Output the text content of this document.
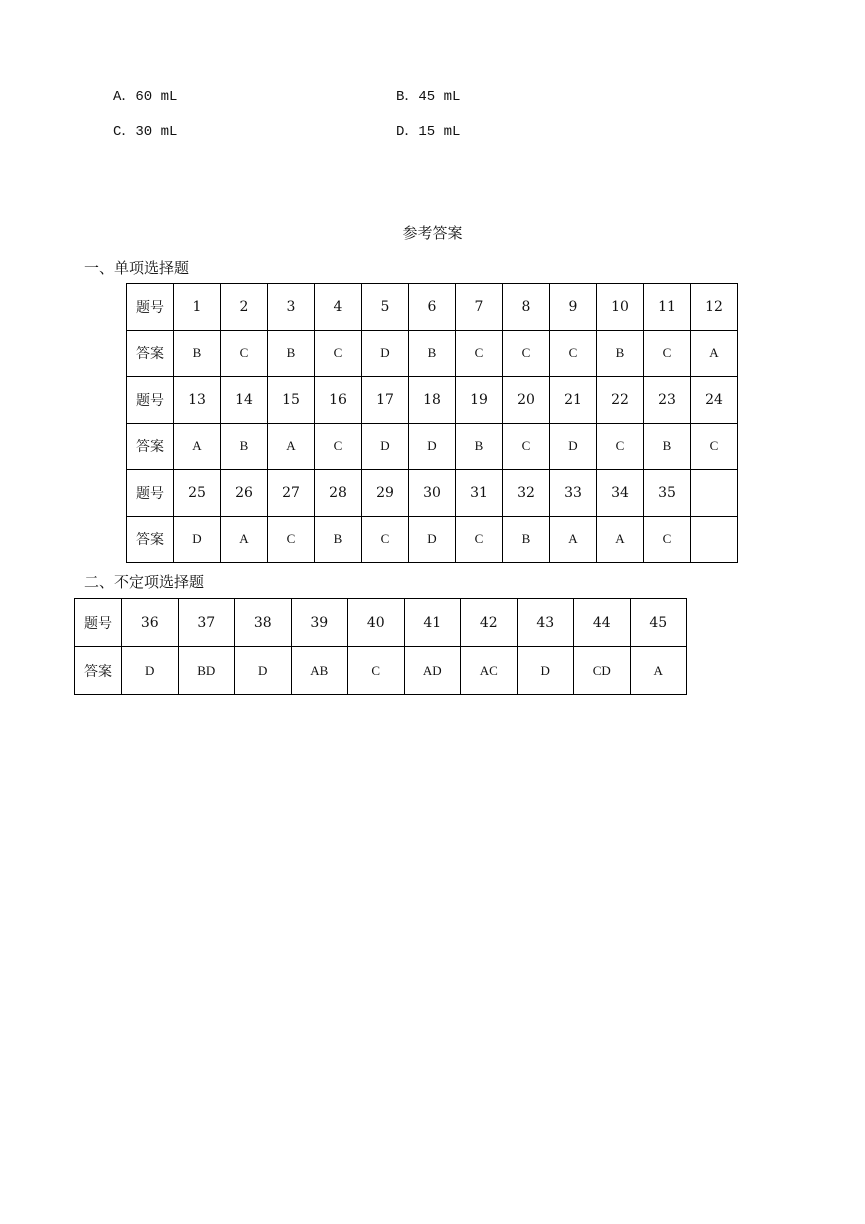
A．60 mL	B．45 mL
C．30 mL	D．15 mL
参考答案
一、单项选择题
题号	1	2	3	4	5	6	7	8	9	10	11	12
答案	B	C	B	C	D	B	C	C	C	B	C	A
题号	13	14	15	16	17	18	19	20	21	22	23	24
答案	A	B	A	C	D	D	B	C	D	C	B	C
题号	25	26	27	28	29	30	31	32	33	34	35	
答案	D	A	C	B	C	D	C	B	A	A	C	
二、不定项选择题
题号	36	37	38	39	40	41	42	43	44	45
答案	D	BD	D	AB	C	AD	AC	D	CD	A
